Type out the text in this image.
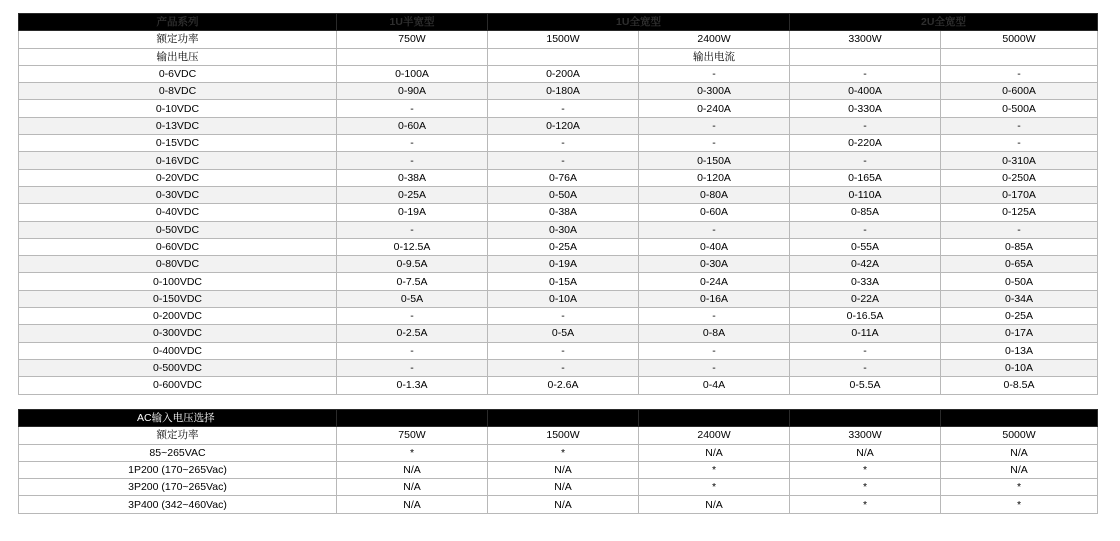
产品系列	1U半宽型	1U全宽型		2U全宽型	
额定功率	750W	1500W	2400W	3300W	5000W
输出电压			输出电流		
0-6VDC	0-100A	0-200A	-	-	-
0-8VDC	0-90A	0-180A	0-300A	0-400A	0-600A
0-10VDC	-	-	0-240A	0-330A	0-500A
0-13VDC	0-60A	0-120A	-	-	-
0-15VDC	-	-	-	0-220A	-
0-16VDC	-	-	0-150A	-	0-310A
0-20VDC	0-38A	0-76A	0-120A	0-165A	0-250A
0-30VDC	0-25A	0-50A	0-80A	0-110A	0-170A
0-40VDC	0-19A	0-38A	0-60A	0-85A	0-125A
0-50VDC	-	0-30A	-	-	-
0-60VDC	0-12.5A	0-25A	0-40A	0-55A	0-85A
0-80VDC	0-9.5A	0-19A	0-30A	0-42A	0-65A
0-100VDC	0-7.5A	0-15A	0-24A	0-33A	0-50A
0-150VDC	0-5A	0-10A	0-16A	0-22A	0-34A
0-200VDC	-	-	-	0-16.5A	0-25A
0-300VDC	0-2.5A	0-5A	0-8A	0-11A	0-17A
0-400VDC	-	-	-	-	0-13A
0-500VDC	-	-	-	-	0-10A
0-600VDC	0-1.3A	0-2.6A	0-4A	0-5.5A	0-8.5A
AC输入电压选择					
额定功率	750W	1500W	2400W	3300W	5000W
85~265VAC	*	*	N/A	N/A	N/A
1P200 (170~265Vac)	N/A	N/A	*	*	N/A
3P200 (170~265Vac)	N/A	N/A	*	*	*
3P400 (342~460Vac)	N/A	N/A	N/A	*	*
